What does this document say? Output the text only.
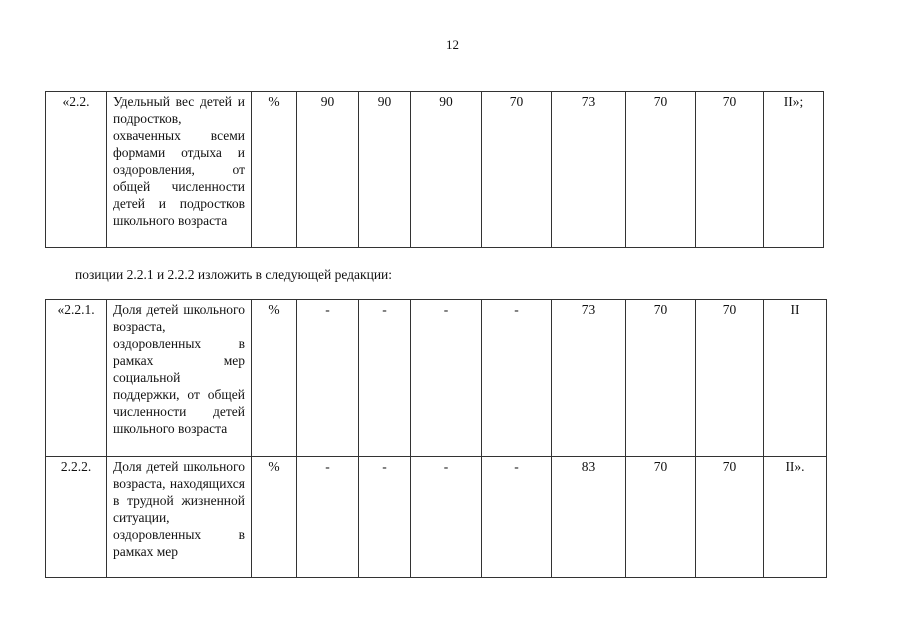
12
«2.2.	Удельный вес детей и подростков, охваченных всеми формами отдыха и оздоровления, от общей численности детей и подростков школьного возраста	%	90	90	90	70	73	70	70	II»;
позиции 2.2.1 и 2.2.2 изложить в следующей редакции:
«2.2.1.	Доля детей школьного возраста, оздоровленных в рамках мер социальной поддержки, от общей численности детей школьного возраста	%	-	-	-	-	73	70	70	II
2.2.2.	Доля детей школьного возраста, находящихся в трудной жизненной ситуации, оздоровленных в рамках мер	%	-	-	-	-	83	70	70	II».
